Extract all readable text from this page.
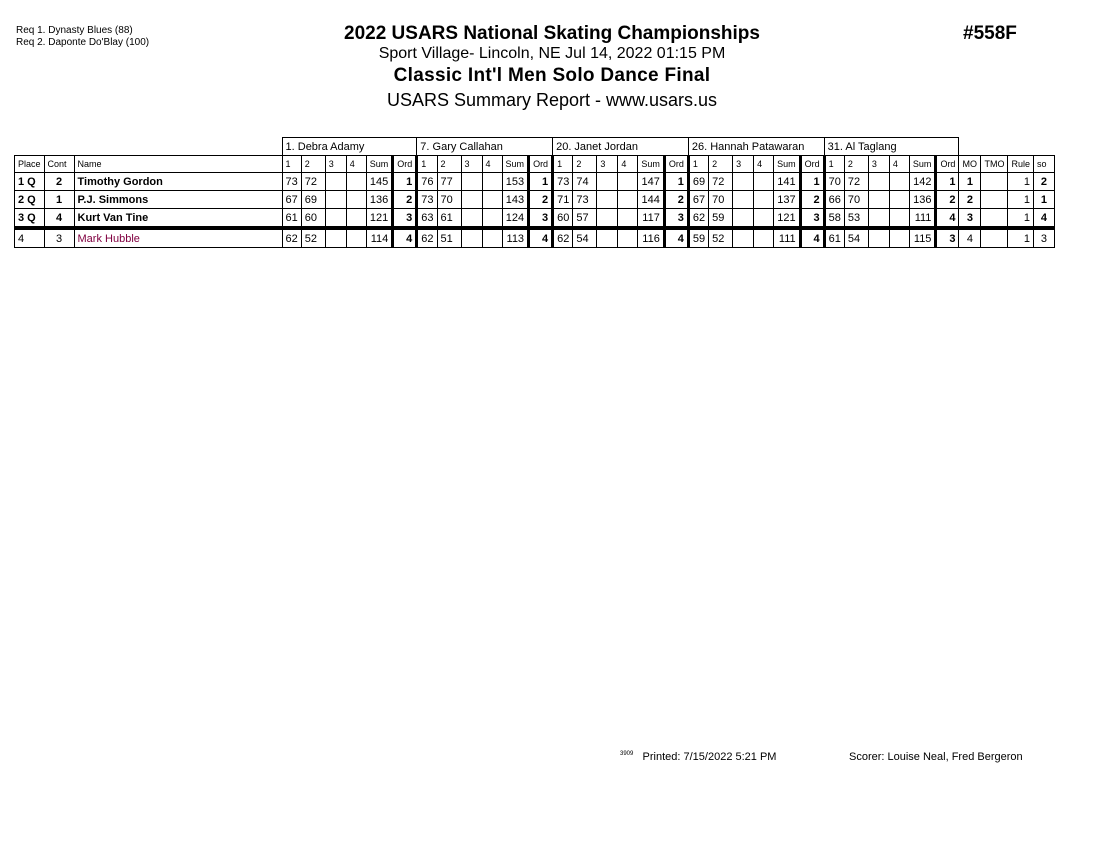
Req 1. Dynasty Blues (88)
Req 2. Daponte Do'Blay (100)	2022 USARS National Skating Championships
Sport Village- Lincoln, NE Jul 14, 2022 01:15 PM
Classic Int'l Men Solo Dance Final
USARS Summary Report - www.usars.us
#558F
			1. Debra Adamy						7. Gary Callahan						20. Janet Jordan						26. Hannah Patawaran						31. Al Taglang									
Place	Cont	Name	1	2	3	4	Sum	Ord	1	2	3	4	Sum	Ord	1	2	3	4	Sum	Ord	1	2	3	4	Sum	Ord	1	2	3	4	Sum	Ord	MO	TMO	Rule	so
1 Q	2	Timothy Gordon	73	72			145	1	76	77			153	1	73	74			147	1	69	72			141	1	70	72			142	1	1		1	2
2 Q	1	P.J. Simmons	67	69			136	2	73	70			143	2	71	73			144	2	67	70			137	2	66	70			136	2	2		1	1
3 Q	4	Kurt Van Tine	61	60			121	3	63	61			124	3	60	57			117	3	62	59			121	3	58	53			111	4	3		1	4
4	3	Mark Hubble	62	52			114	4	62	51			113	4	62	54			116	4	59	52			111	4	61	54			115	3	4		1	3
$^{3909}$ Printed: 7/15/2022 5:21 PM	Scorer: Louise Neal, Fred Bergeron
